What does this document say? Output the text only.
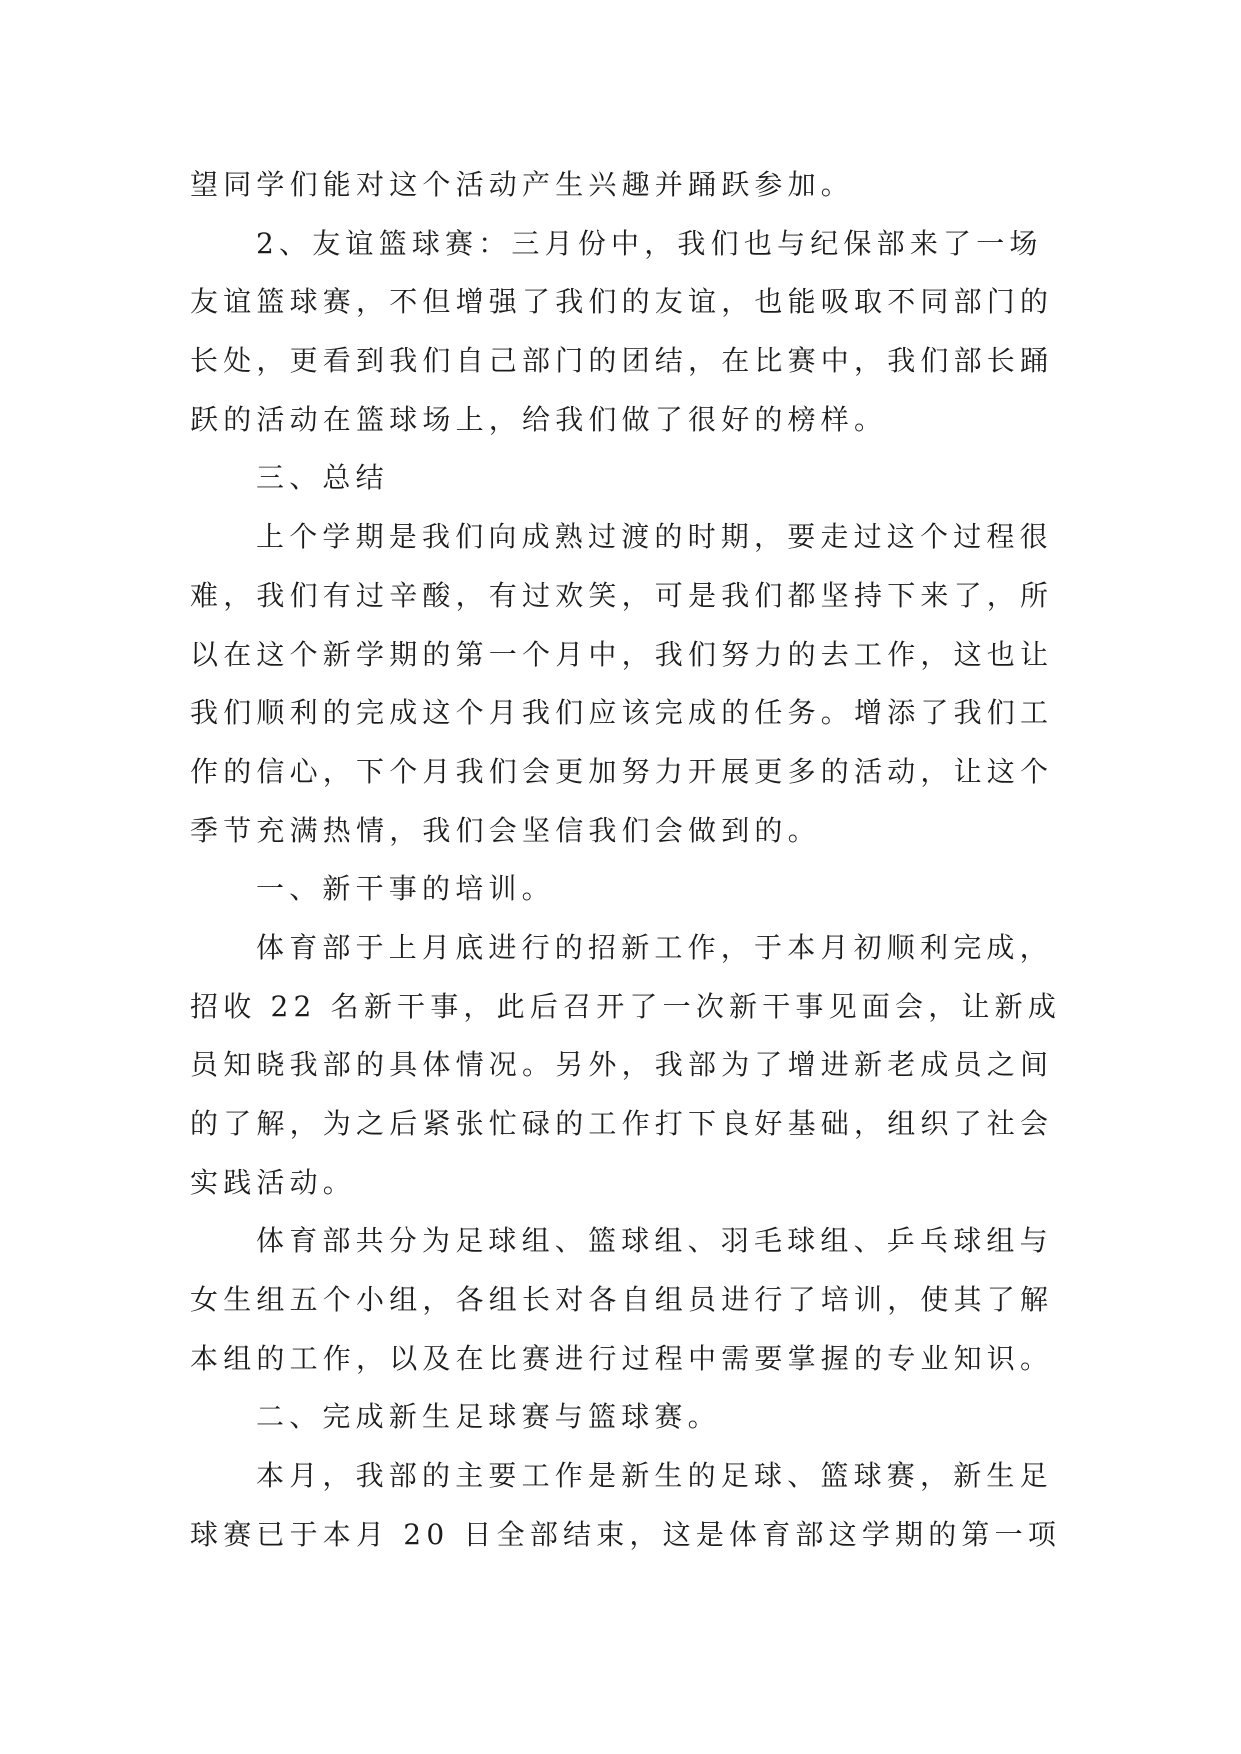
望同学们能对这个活动产生兴趣并踊跃参加。
2、友谊篮球赛：三月份中，我们也与纪保部来了一场
友谊篮球赛，不但增强了我们的友谊，也能吸取不同部门的
长处，更看到我们自己部门的团结，在比赛中，我们部长踊
跃的活动在篮球场上，给我们做了很好的榜样。
三、总结
上个学期是我们向成熟过渡的时期，要走过这个过程很
难，我们有过辛酸，有过欢笑，可是我们都坚持下来了，所
以在这个新学期的第一个月中，我们努力的去工作，这也让
我们顺利的完成这个月我们应该完成的任务。增添了我们工
作的信心，下个月我们会更加努力开展更多的活动，让这个
季节充满热情，我们会坚信我们会做到的。
一、新干事的培训。
体育部于上月底进行的招新工作，于本月初顺利完成，
招收 22 名新干事，此后召开了一次新干事见面会，让新成
员知晓我部的具体情况。另外，我部为了增进新老成员之间
的了解，为之后紧张忙碌的工作打下良好基础，组织了社会
实践活动。
体育部共分为足球组、篮球组、羽毛球组、乒乓球组与
女生组五个小组，各组长对各自组员进行了培训，使其了解
本组的工作，以及在比赛进行过程中需要掌握的专业知识。
二、完成新生足球赛与篮球赛。
本月，我部的主要工作是新生的足球、篮球赛，新生足
球赛已于本月 20 日全部结束，这是体育部这学期的第一项
